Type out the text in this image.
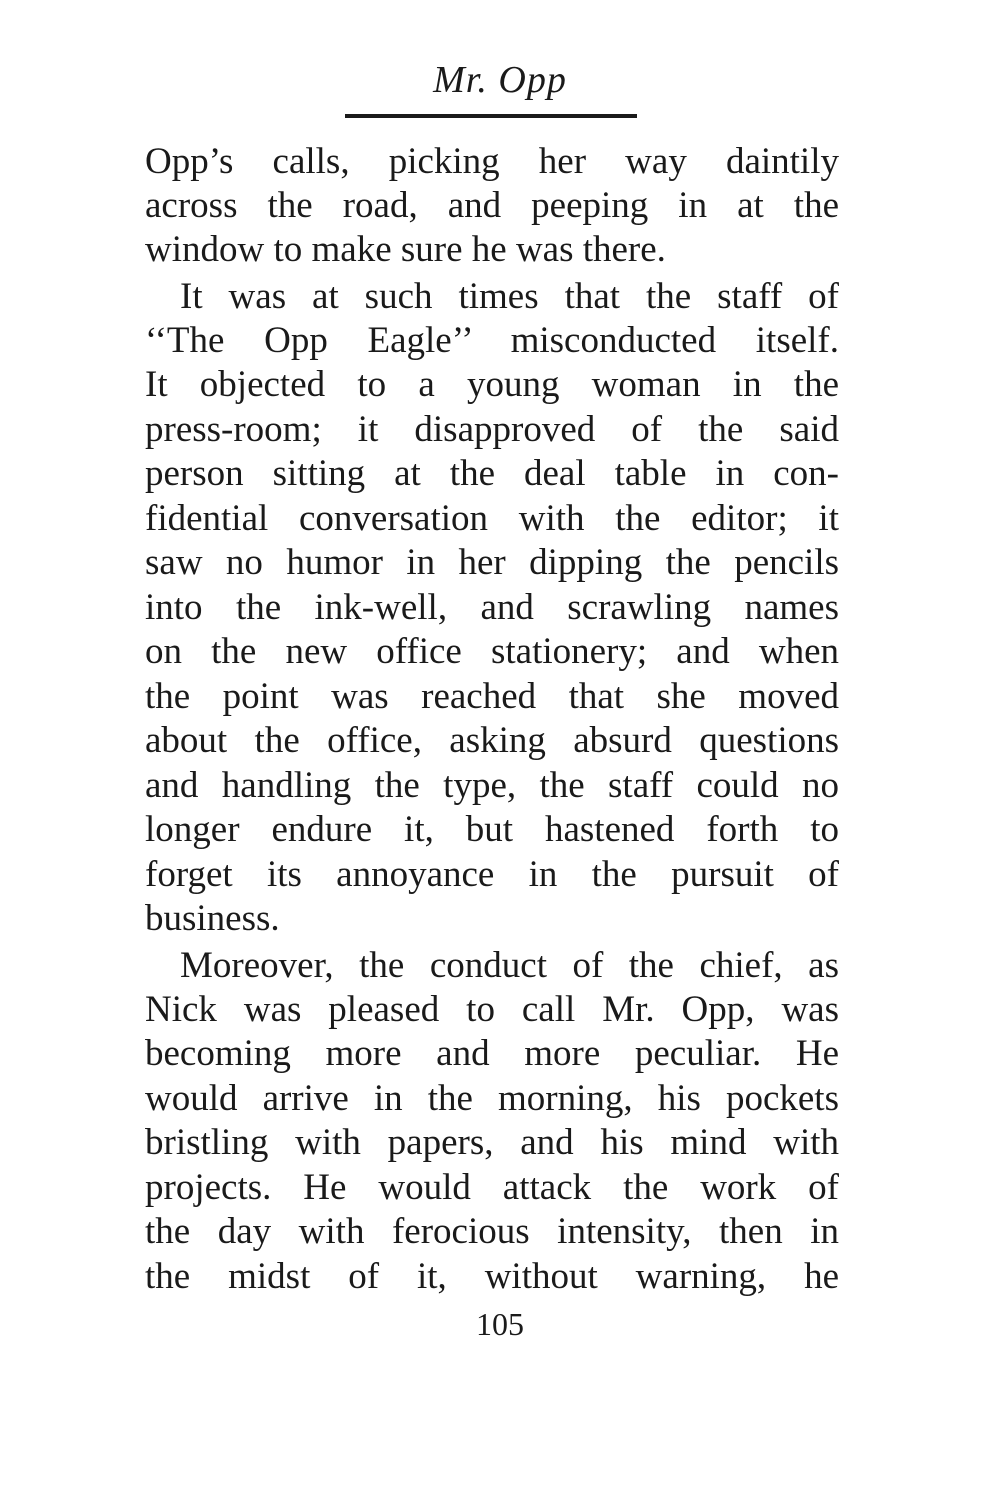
Mr. Opp
Opp’s calls, picking her way daintily
across the road, and peeping in at the
window to make sure he was there.
It was at such times that the staff of
‘‘The Opp Eagle’’ misconducted itself.
It objected to a young woman in the
press-room; it disapproved of the said
person sitting at the deal table in con-
fidential conversation with the editor; it
saw no humor in her dipping the pencils
into the ink-well, and scrawling names
on the new office stationery; and when
the point was reached that she moved
about the office, asking absurd questions
and handling the type, the staff could no
longer endure it, but hastened forth to
forget its annoyance in the pursuit of
business.
Moreover, the conduct of the chief, as
Nick was pleased to call Mr. Opp, was
becoming more and more peculiar. He
would arrive in the morning, his pockets
bristling with papers, and his mind with
projects. He would attack the work of
the day with ferocious intensity, then in
the midst of it, without warning, he
105
